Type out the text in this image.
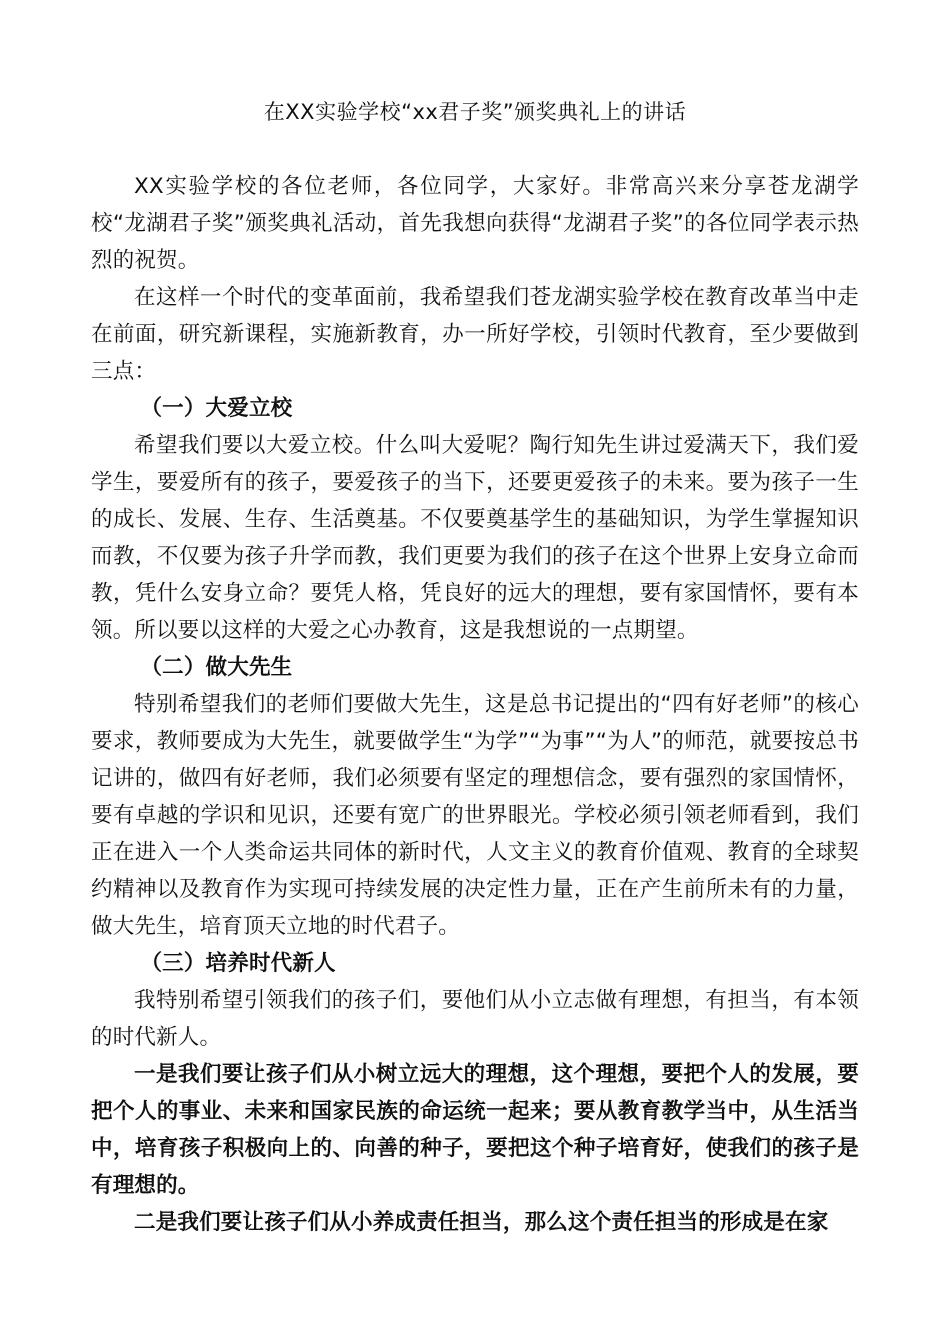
在XX实验学校“xx君子奖”颁奖典礼上的讲话

XX实验学校的各位老师，各位同学，大家好。非常高兴来分享苍龙湖学校“龙湖君子奖”颁奖典礼活动，首先我想向获得“龙湖君子奖”的各位同学表示热烈的祝贺。

在这样一个时代的变革面前，我希望我们苍龙湖实验学校在教育改革当中走在前面，研究新课程，实施新教育，办一所好学校，引领时代教育，至少要做到三点：

（一）大爱立校

希望我们要以大爱立校。什么叫大爱呢？陶行知先生讲过爱满天下，我们爱学生，要爱所有的孩子，要爱孩子的当下，还要更爱孩子的未来。要为孩子一生的成长、发展、生存、生活奠基。不仅要奠基学生的基础知识，为学生掌握知识而教，不仅要为孩子升学而教，我们更要为我们的孩子在这个世界上安身立命而教，凭什么安身立命？要凭人格，凭良好的远大的理想，要有家国情怀，要有本领。所以要以这样的大爱之心办教育，这是我想说的一点期望。

（二）做大先生

特别希望我们的老师们要做大先生，这是总书记提出的“四有好老师”的核心要求，教师要成为大先生，就要做学生“为学”“为事”“为人”的师范，就要按总书记讲的，做四有好老师，我们必须要有坚定的理想信念，要有强烈的家国情怀，要有卓越的学识和见识，还要有宽广的世界眼光。学校必须引领老师看到，我们正在进入一个人类命运共同体的新时代，人文主义的教育价值观、教育的全球契约精神以及教育作为实现可持续发展的决定性力量，正在产生前所未有的力量，做大先生，培育顶天立地的时代君子。

（三）培养时代新人

我特别希望引领我们的孩子们，要他们从小立志做有理想，有担当，有本领的时代新人。

一是我们要让孩子们从小树立远大的理想，这个理想，要把个人的发展，要把个人的事业、未来和国家民族的命运统一起来；要从教育教学当中，从生活当中，培育孩子积极向上的、向善的种子，要把这个种子培育好，使我们的孩子是有理想的。

二是我们要让孩子们从小养成责任担当，那么这个责任担当的形成是在家
